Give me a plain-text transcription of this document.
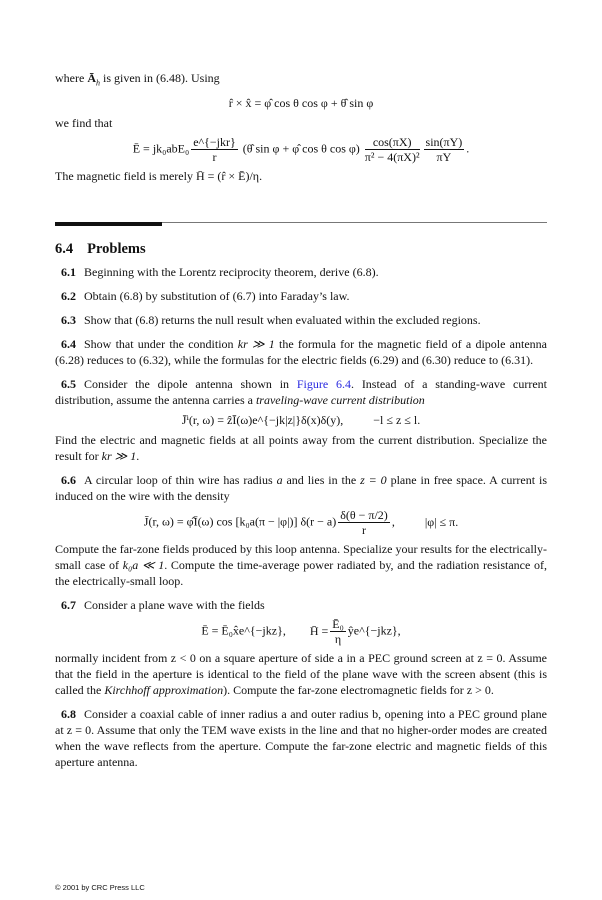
where $Ā_h$ is given in (6.48). Using
r̂ × x̂ = φ̂ cos θ cos φ + θ̂ sin φ
we find that
Ē = $jk_0abE_0 \frac{\text{e\textasciicircum{}\{−jkr\}}}{r}$ (θ̂ sin φ + φ̂ cos θ $\cos \varphi) \frac{\cos(\pi X)}{\text{π² − 4(πX)²}} \frac{\sin(\pi Y)}{\pi Y}$ .
The magnetic field is merely H̄ = (r̂ × Ē)/η.
6.4 Problems
6.1 Beginning with the Lorentz reciprocity theorem, derive (6.8).
6.2 Obtain (6.8) by substitution of (6.7) into Faraday’s law.
6.3 Show that (6.8) returns the null result when evaluated within the excluded regions.
6.4 Show that under the condition kr ≫ 1 the formula for the magnetic field of a dipole antenna (6.28) reduces to (6.32), while the formulas for the electric fields (6.29) and (6.30) reduce to (6.31).
6.5 Consider the dipole antenna shown in Figure 6.4. Instead of a standing-wave current distribution, assume the antenna carries a traveling-wave current distribution
J̄ⁱ(r, ω) = ẑĪ(ω)e^{−jk|z|}δ(x)δ(y),	−l ≤ z ≤ l.
Find the electric and magnetic fields at all points away from the current distribution. Specialize the result for kr ≫ 1.
6.6 A circular loop of thin wire has radius a and lies in the z = 0 plane in free space. A current is induced on the wire with the density
J̄(r, ω) = φ̂Ī(ω) cos [k₀a(π − |φ|)] $\delta(r - a) \frac{\delta(\theta - \pi/2)}{r}$ ,	|φ| ≤ π.
Compute the far-zone fields produced by this loop antenna. Specialize your results for the electrically-small case of k₀a ≪ 1. Compute the time-average power radiated by, and the radiation resistance of, the electrically-small loop.
6.7 Consider a plane wave with the fields
Ē = Ē₀x̂e^{−jkz}, H̄ = $\frac{\text{Ē₀}}{\eta}$ ŷe^{−jkz},
normally incident from z < 0 on a square aperture of side a in a PEC ground screen at z = 0. Assume that the field in the aperture is identical to the field of the plane wave with the screen absent (this is called the Kirchhoff approximation). Compute the far-zone electromagnetic fields for z > 0.
6.8 Consider a coaxial cable of inner radius a and outer radius b, opening into a PEC ground plane at z = 0. Assume that only the TEM wave exists in the line and that no higher-order modes are created when the wave reflects from the aperture. Compute the far-zone electric and magnetic fields of this aperture antenna.
© 2001 by CRC Press LLC
